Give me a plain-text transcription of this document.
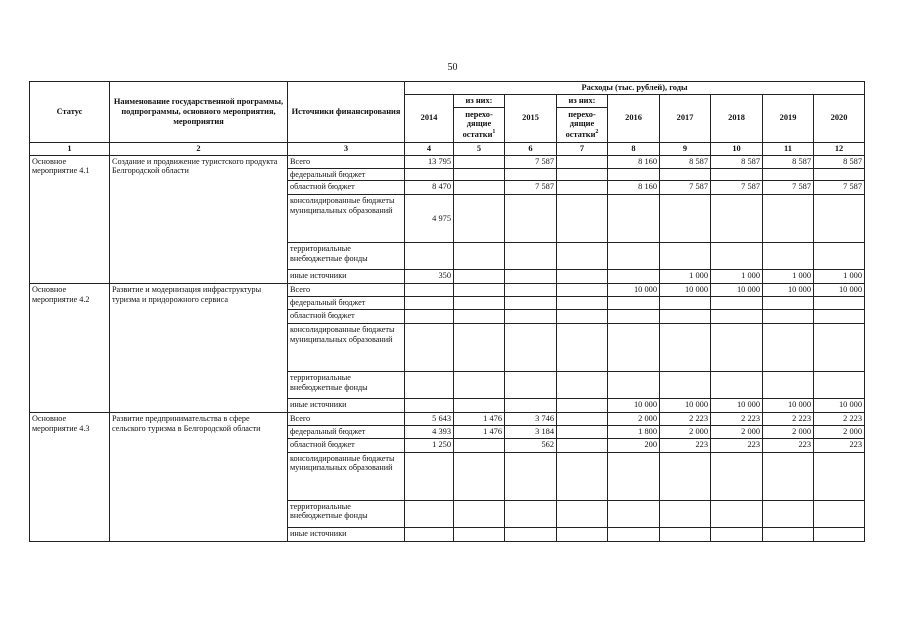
50
Статус	Наименование государственной программы, подпрограммы, основного мероприятия, мероприятия	Источники финансирования	Расходы (тыс. рублей), годы								
			2014	из них:	2015	из них:	2016	2017	2018	2019	2020
				перехо-дящие остатки$^1$		перехо-дящие остатки$^2$

1	2	3	4	5	6	7	8	9	10	11	12
Основное мероприятие 4.1	Создание и продвижение туристского продукта Белгородской области	Всего	13 795		7 587		8 160	8 587	8 587	8 587	8 587
		федеральный бюджет									
		областной бюджет	8 470		7 587		8 160	7 587	7 587	7 587	7 587
		консолидированные бюджеты муниципальных образований	4 975								
		территориальные внебюджетные фонды									
		иные источники	350					1 000	1 000	1 000	1 000
Основное мероприятие 4.2	Развитие и модернизация инфраструктуры туризма и придорожного сервиса	Всего					10 000	10 000	10 000	10 000	10 000
		федеральный бюджет									
		областной бюджет									
		консолидированные бюджеты муниципальных образований									
		территориальные внебюджетные фонды									
		иные источники					10 000	10 000	10 000	10 000	10 000
Основное мероприятие 4.3	Развитие предпринимательства в сфере сельского туризма в Белгородской области	Всего	5 643	1 476	3 746		2 000	2 223	2 223	2 223	2 223
		федеральный бюджет	4 393	1 476	3 184		1 800	2 000	2 000	2 000	2 000
		областной бюджет	1 250		562		200	223	223	223	223
		консолидированные бюджеты муниципальных образований									
		территориальные внебюджетные фонды									
		иные источники									
